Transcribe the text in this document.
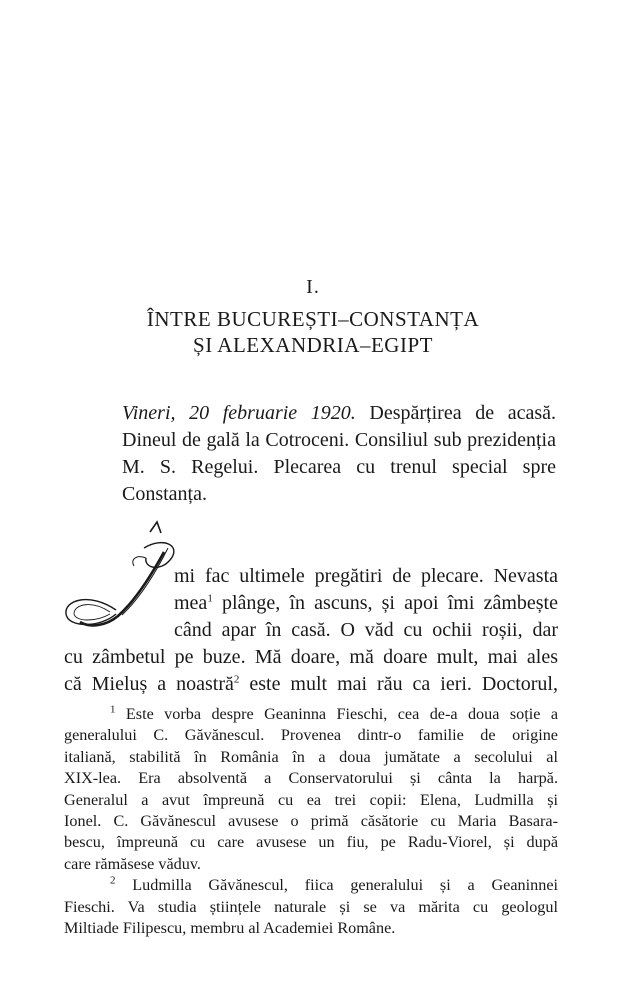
I.
ÎNTRE BUCUREȘTI–CONSTANȚA
ȘI ALEXANDRIA–EGIPT
Vineri, 20 februarie 1920. Despărțirea de acasă. Dineul de gală la Cotroceni. Consiliul sub prezidenția M. S. Regelui. Plecarea cu trenul special spre Constanța.
mi fac ultimele pregătiri de plecare. Nevasta
mea$^1$ plânge, în ascuns, și apoi îmi zâmbește
când apar în casă. O văd cu ochii roșii, dar
cu zâmbetul pe buze. Mă doare, mă doare mult, mai ales
că Mieluș a noastră$^2$ este mult mai rău ca ieri. Doctorul,
$^1$ Este vorba despre Geaninna Fieschi, cea de-a doua soție a
generalului C. Găvănescul. Provenea dintr-o familie de origine
italiană, stabilită în România în a doua jumătate a secolului al
XIX-lea. Era absolventă a Conservatorului și cânta la harpă.
Generalul a avut împreună cu ea trei copii: Elena, Ludmilla și
Ionel. C. Găvănescul avusese o primă căsătorie cu Maria Basara-
bescu, împreună cu care avusese un fiu, pe Radu-Viorel, și după
care rămăsese văduv.
$^2$ Ludmilla Găvănescul, fiica generalului și a Geaninnei
Fieschi. Va studia științele naturale și se va mărita cu geologul
Miltiade Filipescu, membru al Academiei Române.
